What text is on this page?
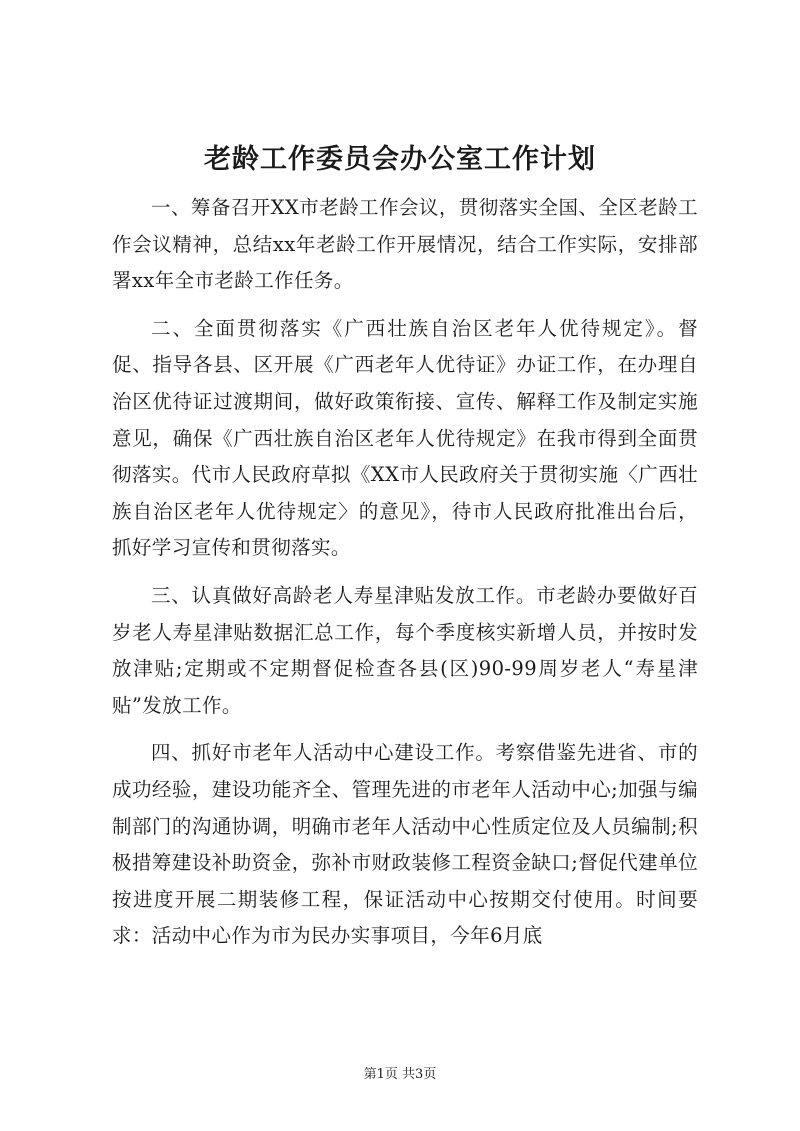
老龄工作委员会办公室工作计划

一、筹备召开XX市老龄工作会议，贯彻落实全国、全区老龄工作会议精神，总结xx年老龄工作开展情况，结合工作实际，安排部署xx年全市老龄工作任务。

二、全面贯彻落实《广西壮族自治区老年人优待规定》。督促、指导各县、区开展《广西老年人优待证》办证工作，在办理自治区优待证过渡期间，做好政策衔接、宣传、解释工作及制定实施意见，确保《广西壮族自治区老年人优待规定》在我市得到全面贯彻落实。代市人民政府草拟《XX市人民政府关于贯彻实施〈广西壮族自治区老年人优待规定〉的意见》，待市人民政府批准出台后，抓好学习宣传和贯彻落实。

三、认真做好高龄老人寿星津贴发放工作。市老龄办要做好百岁老人寿星津贴数据汇总工作，每个季度核实新增人员，并按时发放津贴;定期或不定期督促检查各县(区)90-99周岁老人“寿星津贴”发放工作。

四、抓好市老年人活动中心建设工作。考察借鉴先进省、市的成功经验，建设功能齐全、管理先进的市老年人活动中心;加强与编制部门的沟通协调，明确市老年人活动中心性质定位及人员编制;积极措筹建设补助资金，弥补市财政装修工程资金缺口;督促代建单位按进度开展二期装修工程，保证活动中心按期交付使用。时间要求：活动中心作为市为民办实事项目，今年6月底

第1页 共3页
